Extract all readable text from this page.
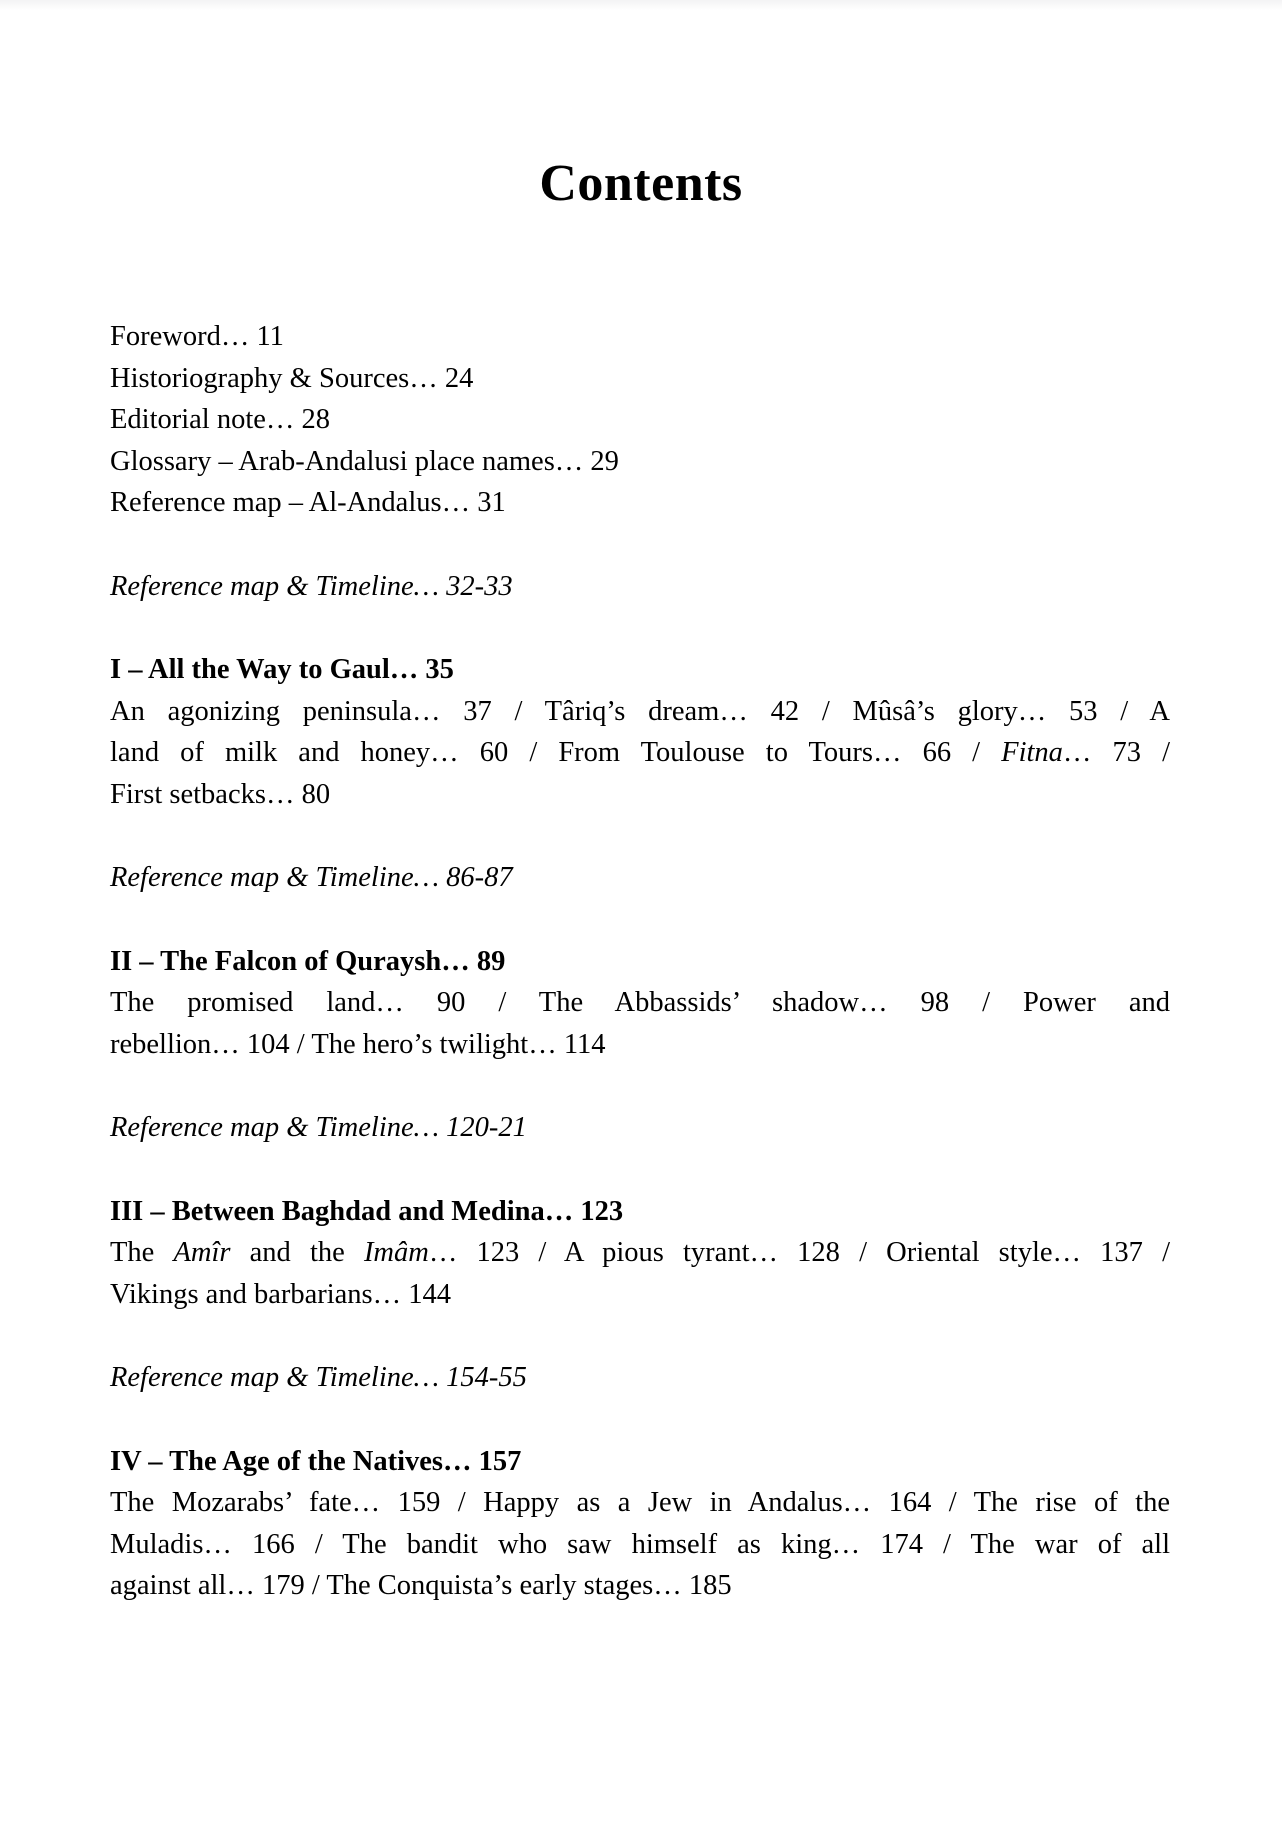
Contents
Foreword… 11
Historiography & Sources… 24
Editorial note… 28
Glossary – Arab-Andalusi place names… 29
Reference map – Al-Andalus… 31
Reference map & Timeline… 32-33
I – All the Way to Gaul… 35
An agonizing peninsula… 37 / Târiq’s dream… 42 / Mûsâ’s glory… 53 / A
land of milk and honey… 60 / From Toulouse to Tours… 66 / Fitna… 73 /
First setbacks… 80
Reference map & Timeline… 86-87
II – The Falcon of Quraysh… 89
The promised land… 90 / The Abbassids’ shadow… 98 / Power and
rebellion… 104 / The hero’s twilight… 114
Reference map & Timeline… 120-21
III – Between Baghdad and Medina… 123
The Amîr and the Imâm… 123 / A pious tyrant… 128 / Oriental style… 137 /
Vikings and barbarians… 144
Reference map & Timeline… 154-55
IV – The Age of the Natives… 157
The Mozarabs’ fate… 159 / Happy as a Jew in Andalus… 164 / The rise of the
Muladis… 166 / The bandit who saw himself as king… 174 / The war of all
against all… 179 / The Conquista’s early stages… 185
